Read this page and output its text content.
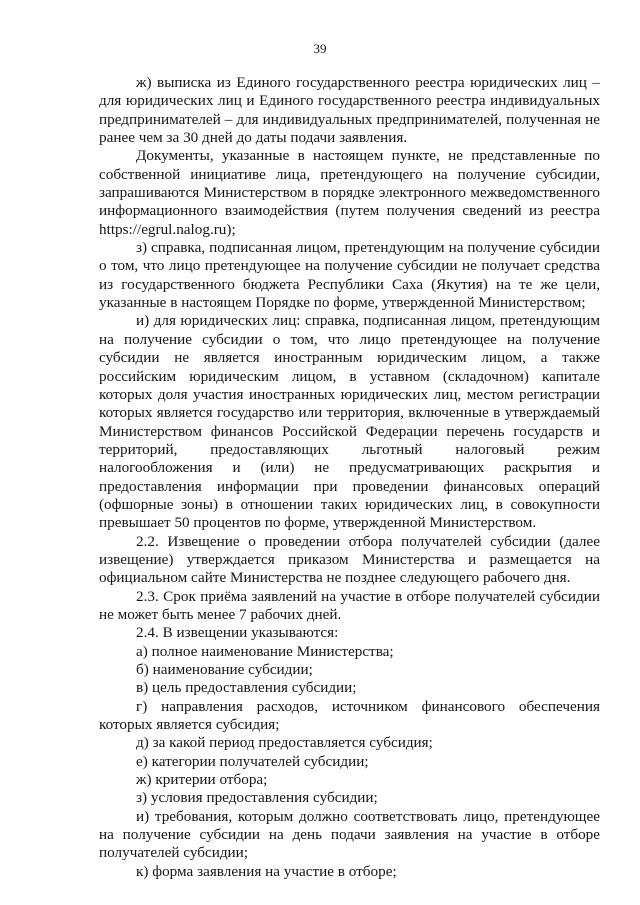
39

ж) выписка из Единого государственного реестра юридических лиц – для юридических лиц и Единого государственного реестра индивидуальных предпринимателей – для индивидуальных предпринимателей, полученная не ранее чем за 30 дней до даты подачи заявления.

Документы, указанные в настоящем пункте, не представленные по собственной инициативе лица, претендующего на получение субсидии, запрашиваются Министерством в порядке электронного межведомственного информационного взаимодействия (путем получения сведений из реестра https://egrul.nalog.ru);

з) справка, подписанная лицом, претендующим на получение субсидии о том, что лицо претендующее на получение субсидии не получает средства из государственного бюджета Республики Саха (Якутия) на те же цели, указанные в настоящем Порядке по форме, утвержденной Министерством;

и) для юридических лиц: справка, подписанная лицом, претендующим на получение субсидии о том, что лицо претендующее на получение субсидии не является иностранным юридическим лицом, а также российским юридическим лицом, в уставном (складочном) капитале которых доля участия иностранных юридических лиц, местом регистрации которых является государство или территория, включенные в утверждаемый Министерством финансов Российской Федерации перечень государств и территорий, предоставляющих льготный налоговый режим налогообложения и (или) не предусматривающих раскрытия и предоставления информации при проведении финансовых операций (офшорные зоны) в отношении таких юридических лиц, в совокупности превышает 50 процентов по форме, утвержденной Министерством.

2.2. Извещение о проведении отбора получателей субсидии (далее извещение) утверждается приказом Министерства и размещается на официальном сайте Министерства не позднее следующего рабочего дня.

2.3. Срок приёма заявлений на участие в отборе получателей субсидии не может быть менее 7 рабочих дней.

2.4. В извещении указываются:

а) полное наименование Министерства;

б) наименование субсидии;

в) цель предоставления субсидии;

г) направления расходов, источником финансового обеспечения которых является субсидия;

д) за какой период предоставляется субсидия;

е) категории получателей субсидии;

ж) критерии отбора;

з) условия предоставления субсидии;

и) требования, которым должно соответствовать лицо, претендующее на получение субсидии на день подачи заявления на участие в отборе получателей субсидии;

к) форма заявления на участие в отборе;
